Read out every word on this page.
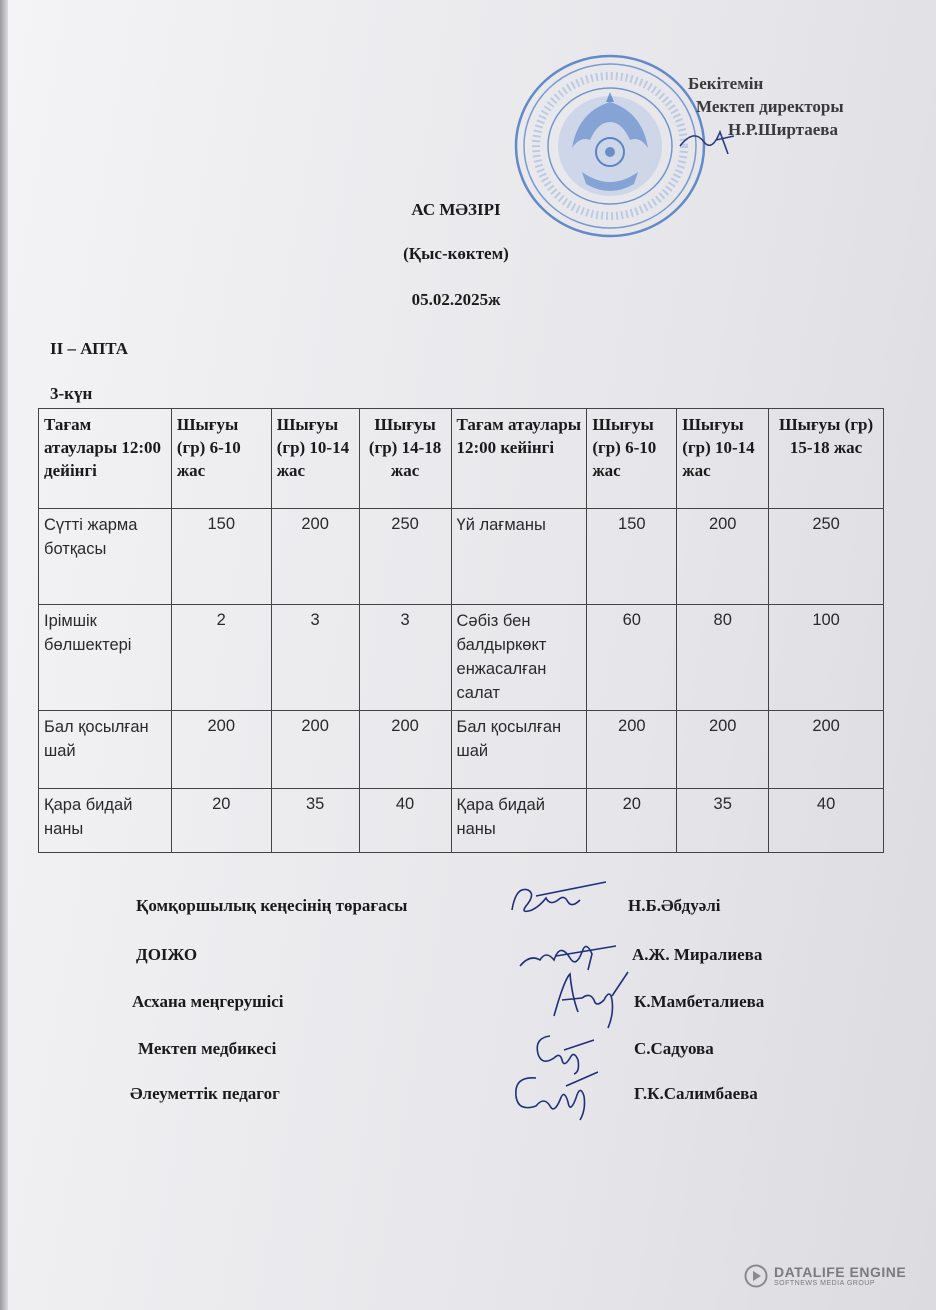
Бекітемін
Мектеп директоры
Н.Р.Ширтаева
АС МӘЗІРІ
(Қыс-көктем)
05.02.2025ж
ІІ – АПТА
3-күн
Тағам атаулары 12:00 дейінгі	Шығуы (гр) 6-10 жас	Шығуы (гр) 10-14 жас	Шығуы (гр) 14-18 жас	Тағам атаулары 12:00 кейінгі	Шығуы (гр) 6-10 жас	Шығуы (гр) 10-14 жас	Шығуы (гр) 15-18 жас
Сүтті жарма ботқасы	150	200	250	Үй лағманы	150	200	250
Ірімшік бөлшектері	2	3	3	Сәбіз бен балдыркөкт енжасалған салат	60	80	100
Бал қосылған шай	200	200	200	Бал қосылған шай	200	200	200
Қара бидай наны	20	35	40	Қара бидай наны	20	35	40
Қомқоршылық кеңесінің төрағасы	Н.Б.Әбдуәлі
ДОІЖО	А.Ж. Миралиева
Асхана меңгерушісі	К.Мамбеталиева
Мектеп медбикесі	С.Садуова
Әлеуметтік педагог	Г.К.Салимбаева
DATALIFE ENGINE
SOFTNEWS MEDIA GROUP
